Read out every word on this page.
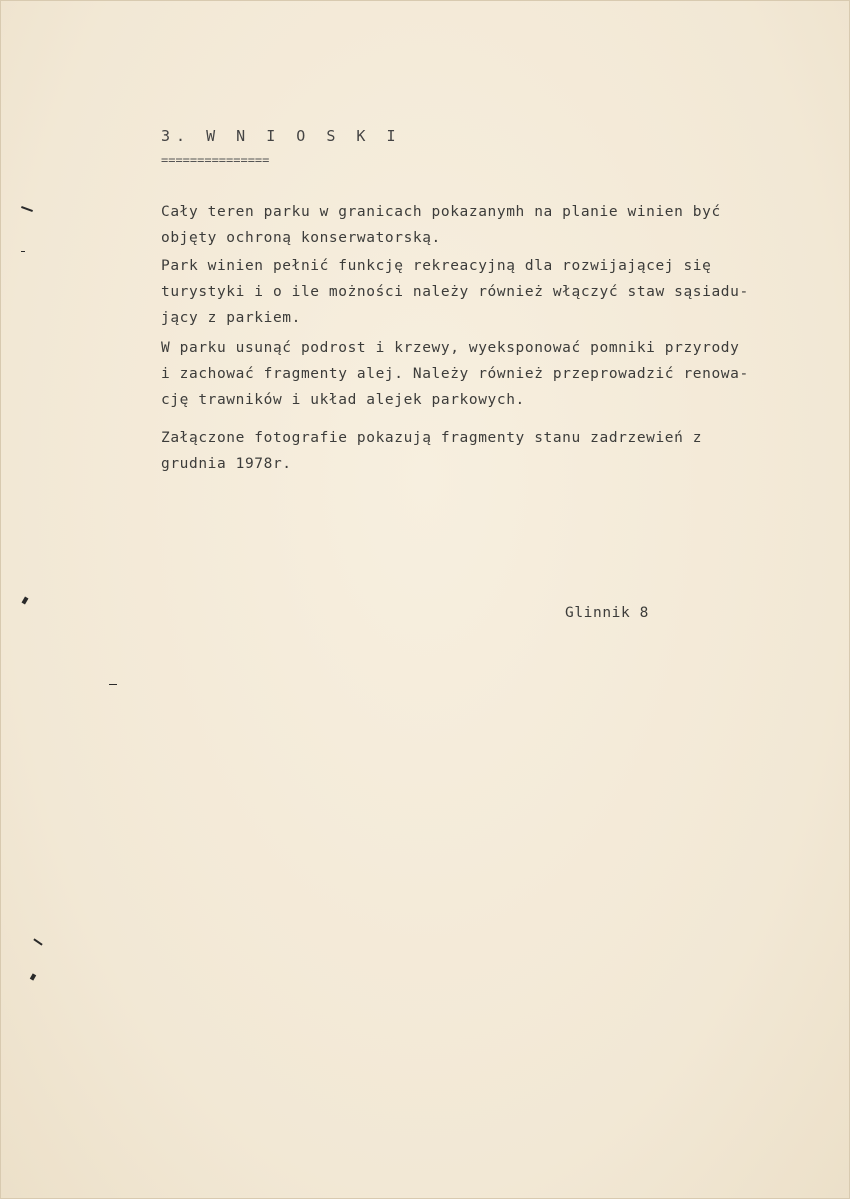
3. W N I O S K I
===============
Cały teren parku w granicach pokazanymh na planie winien być
objęty ochroną konserwatorską.
Park winien pełnić funkcję rekreacyjną dla rozwijającej się
turystyki i o ile możności należy również włączyć staw sąsiadu-
jący z parkiem.
W parku usunąć podrost i krzewy, wyeksponować pomniki przyrody
i zachować fragmenty alej. Należy również przeprowadzić renowa-
cję trawników i układ alejek parkowych.
Załączone fotografie pokazują fragmenty stanu zadrzewień z
grudnia 1978r.
Glinnik 8
